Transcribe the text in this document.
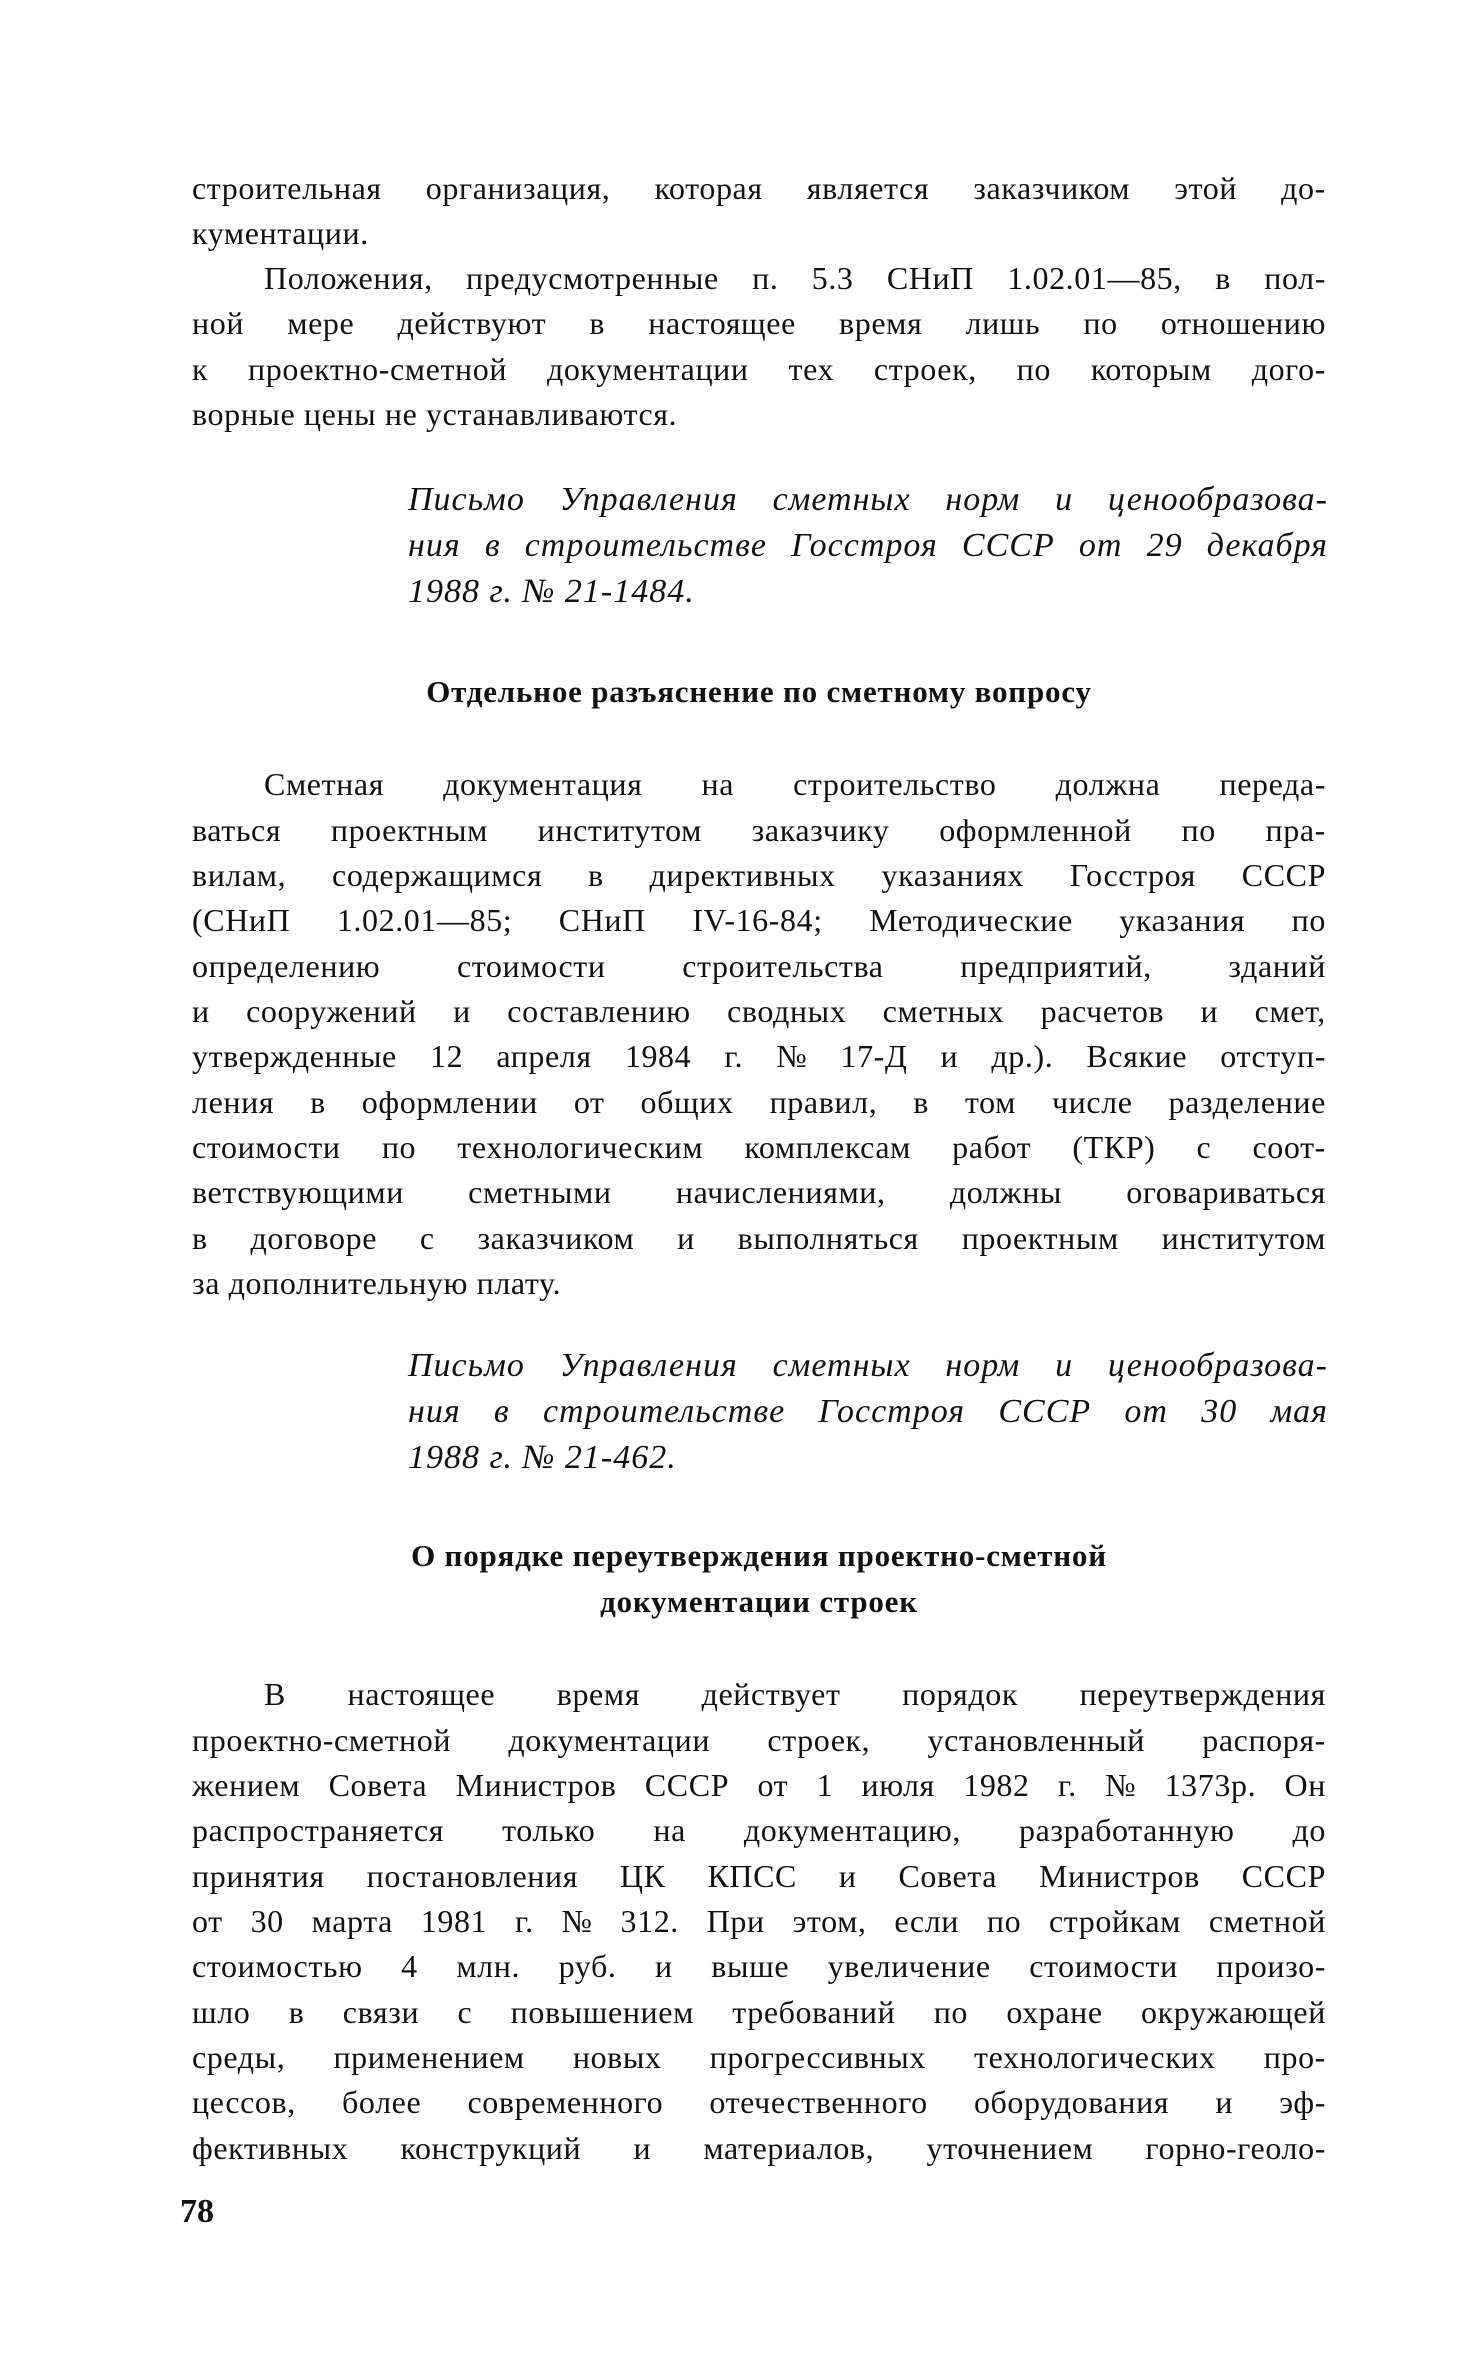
строительная организация, которая является заказчиком этой до-
кументации.
Положения, предусмотренные п. 5.3 СНиП 1.02.01—85, в пол-
ной мере действуют в настоящее время лишь по отношению
к проектно-сметной документации тех строек, по которым дого-
ворные цены не устанавливаются.
Письмо Управления сметных норм и ценообразова-
ния в строительстве Госстроя СССР от 29 декабря
1988 г. № 21-1484.
Отдельное разъяснение по сметному вопросу
Сметная документация на строительство должна переда-
ваться проектным институтом заказчику оформленной по пра-
вилам, содержащимся в директивных указаниях Госстроя СССР
(СНиП 1.02.01—85; СНиП IV-16-84; Методические указания по
определению стоимости строительства предприятий, зданий
и сооружений и составлению сводных сметных расчетов и смет,
утвержденные 12 апреля 1984 г. № 17-Д и др.). Всякие отступ-
ления в оформлении от общих правил, в том числе разделение
стоимости по технологическим комплексам работ (ТКР) с соот-
ветствующими сметными начислениями, должны оговариваться
в договоре с заказчиком и выполняться проектным институтом
за дополнительную плату.
Письмо Управления сметных норм и ценообразова-
ния в строительстве Госстроя СССР от 30 мая
1988 г. № 21-462.
О порядке переутверждения проектно-сметной
документации строек
В настоящее время действует порядок переутверждения
проектно-сметной документации строек, установленный распоря-
жением Совета Министров СССР от 1 июля 1982 г. № 1373р. Он
распространяется только на документацию, разработанную до
принятия постановления ЦК КПСС и Совета Министров СССР
от 30 марта 1981 г. № 312. При этом, если по стройкам сметной
стоимостью 4 млн. руб. и выше увеличение стоимости произо-
шло в связи с повышением требований по охране окружающей
среды, применением новых прогрессивных технологических про-
цессов, более современного отечественного оборудования и эф-
фективных конструкций и материалов, уточнением горно-геоло-
78
